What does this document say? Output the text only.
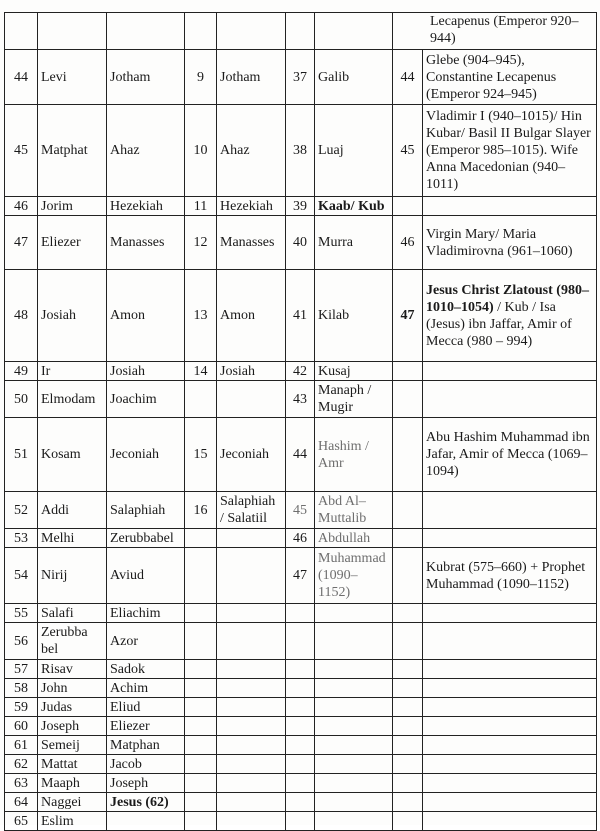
							Lecapenus (Emperor 920–944)	
44	Levi	Jotham	9	Jotham	37	Galib	44	Glebe (904–945), Constantine Lecapenus (Emperor 924–945)
45	Matphat	Ahaz	10	Ahaz	38	Luaj	45	Vladimir I (940–1015)/ Hin Kubar/ Basil II Bulgar Slayer (Emperor 985–1015). Wife Anna Macedonian (940–1011)
46	Jorim	Hezekiah	11	Hezekiah	39	Kaab/ Kub		
47	Eliezer	Manasses	12	Manasses	40	Murra	46	Virgin Mary/ Maria Vladimirovna (961–1060)
48	Josiah	Amon	13	Amon	41	Kilab	47	Jesus Christ Zlatoust (980–1010–1054) / Kub / Isa (Jesus) ibn Jaffar, Amir of Mecca (980 – 994)
49	Ir	Josiah	14	Josiah	42	Kusaj		
50	Elmodam	Joachim			43	Manaph / Mugir		
51	Kosam	Jeconiah	15	Jeconiah	44	Hashim / Amr		Abu Hashim Muhammad ibn Jafar, Amir of Mecca (1069–1094)
52	Addi	Salaphiah	16	Salaphiah / Salatiil	45	Abd Al–Muttalib		
53	Melhi	Zerubbabel			46	Abdullah		
54	Nirij	Aviud			47	Muhammad (1090–1152)		Kubrat (575–660) + Prophet Muhammad (1090–1152)
55	Salafi	Eliachim						
56	Zerubba bel	Azor						
57	Risav	Sadok						
58	John	Achim						
59	Judas	Eliud						
60	Joseph	Eliezer						
61	Semeij	Matphan						
62	Mattat	Jacob						
63	Maaph	Joseph						
64	Naggei	Jesus (62)						
65	Eslim							
